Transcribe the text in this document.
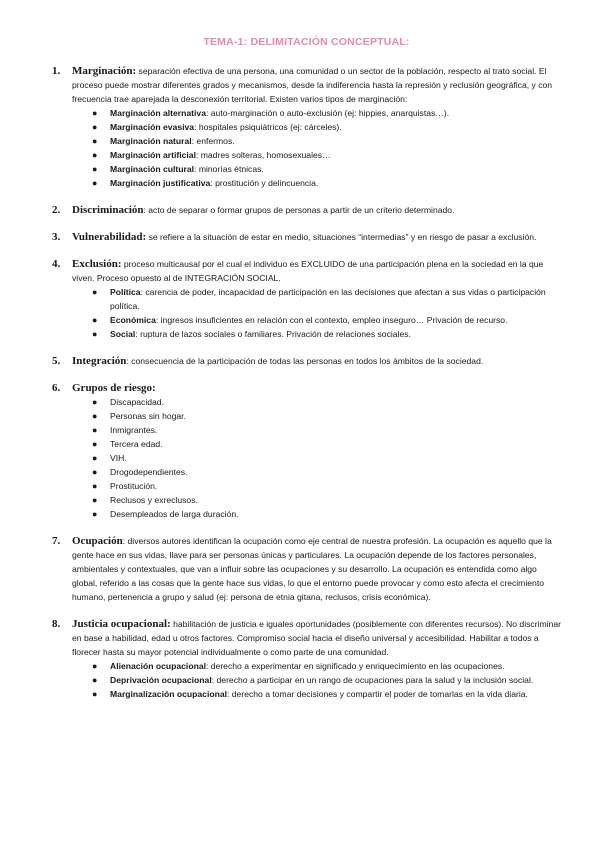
TEMA-1: DELIMITACIÓN CONCEPTUAL:
1. Marginación: separación efectiva de una persona, una comunidad o un sector de la población, respecto al trato social. El proceso puede mostrar diferentes grados y mecanismos, desde la indiferencia hasta la represión y reclusión geográfica, y con frecuencia trae aparejada la desconexión territorial. Existen varios tipos de marginación:
● Marginación alternativa: auto-marginación o auto-exclusión (ej: hippies, anarquistas…).
● Marginación evasiva: hospitales psiquiátricos (ej: cárceles).
● Marginación natural: enfermos.
● Marginación artificial: madres solteras, homosexuales…
● Marginación cultural: minorías étnicas.
● Marginación justificativa: prostitución y delincuencia.
2. Discriminación: acto de separar o formar grupos de personas a partir de un criterio determinado.
3. Vulnerabilidad: se refiere a la situación de estar en medio, situaciones “intermedias” y en riesgo de pasar a exclusión.
4. Exclusión: proceso multicausal por el cual el individuo es EXCLUIDO de una participación plena en la sociedad en la que viven. Proceso opuesto al de INTEGRACIÓN SOCIAL.
● Política: carencia de poder, incapacidad de participación en las decisiones que afectan a sus vidas o participación política.
● Económica: ingresos insuficientes en relación con el contexto, empleo inseguro… Privación de recurso.
● Social: ruptura de lazos sociales o familiares. Privación de relaciones sociales.
5. Integración: consecuencia de la participación de todas las personas en todos los ámbitos de la sociedad.
6. Grupos de riesgo:
● Discapacidad.
● Personas sin hogar.
● Inmigrantes.
● Tercera edad.
● VIH.
● Drogodependientes.
● Prostitución.
● Reclusos y exreclusos.
● Desempleados de larga duración.
7. Ocupación: diversos autores identifican la ocupación como eje central de nuestra profesión. La ocupación es aquello que la gente hace en sus vidas, llave para ser personas únicas y particulares. La ocupación depende de los factores personales, ambientales y contextuales, que van a influir sobre las ocupaciones y su desarrollo. La ocupación es entendida como algo global, referido a las cosas que la gente hace sus vidas, lo que el entorno puede provocar y como esto afecta el crecimiento humano, pertenencia a grupo y salud (ej: persona de etnia gitana, reclusos, crisis económica).
8. Justicia ocupacional: habilitación de justicia e iguales oportunidades (posiblemente con diferentes recursos). No discriminar en base a habilidad, edad u otros factores. Compromiso social hacia el diseño universal y accesibilidad. Habilitar a todos a florecer hasta su mayor potencial individualmente o como parte de una comunidad.
● Alienación ocupacional: derecho a experimentar en significado y enriquecimiento en las ocupaciones.
● Deprivación ocupacional: derecho a participar en un rango de ocupaciones para la salud y la inclusión social.
● Marginalización ocupacional: derecho a tomar decisiones y compartir el poder de tomarlas en la vida diaria.
